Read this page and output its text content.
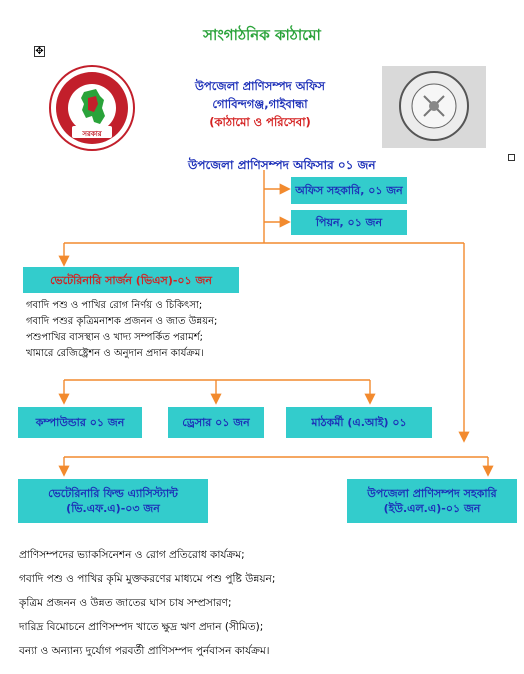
সাংগাঠনিক কাঠামো
✥
সরকার
উপজেলা প্রাণিসম্পদ অফিস
গোবিন্দগঞ্জ,গাইবান্ধা
(কাঠামো ও পরিসেবা)
উপজেলা প্রাণিসম্পদ অফিসার ০১ জন
অফিস সহকারি, ০১ জন
পিয়ন, ০১ জন
ভেটেরিনারি সার্জন (ভিএস)-০১ জন
গবাদি পশু ও পাখির রোগ নির্ণয় ও চিকিৎসা;
গবাদি পশুর কৃত্রিমনাশক প্রজনন ও জাত উন্নয়ন;
পশুপাখির বাসস্থান ও খাদ্য সম্পর্কিত পরামর্শ;
খামারে রেজিষ্ট্রেশন ও অনুদান প্রদান কার্যক্রম।
কম্পাউন্ডার ০১ জন	ড্রেসার ০১ জন	মাঠকর্মী (এ.আই) ০১
ভেটেরিনারি ফিল্ড এ্যাসিস্ট্যান্ট
(ভি.এফ.এ)-০৩ জন
উপজেলা প্রাণিসম্পদ সহকারি
(ইউ.এল.এ)-০১ জন
প্রাণিসম্পদের ভ্যাকসিনেশন ও রোগ প্রতিরোধ কার্যক্রম;
গবাদি পশু ও পাখির কৃমি মুক্তকরণের মাধ্যমে পশু পুষ্টি উন্নয়ন;
কৃত্রিম প্রজনন ও উন্নত জাতের ঘাস চাষ সম্প্রসারণ;
দারিদ্র বিমোচনে প্রাণিসম্পদ খাতে ক্ষুদ্র ঋণ প্রদান (সীমিত);
বন্যা ও অন্যান্য দুর্যোগ পরবর্তী প্রাণিসম্পদ পুর্নবাসন কার্যক্রম।
